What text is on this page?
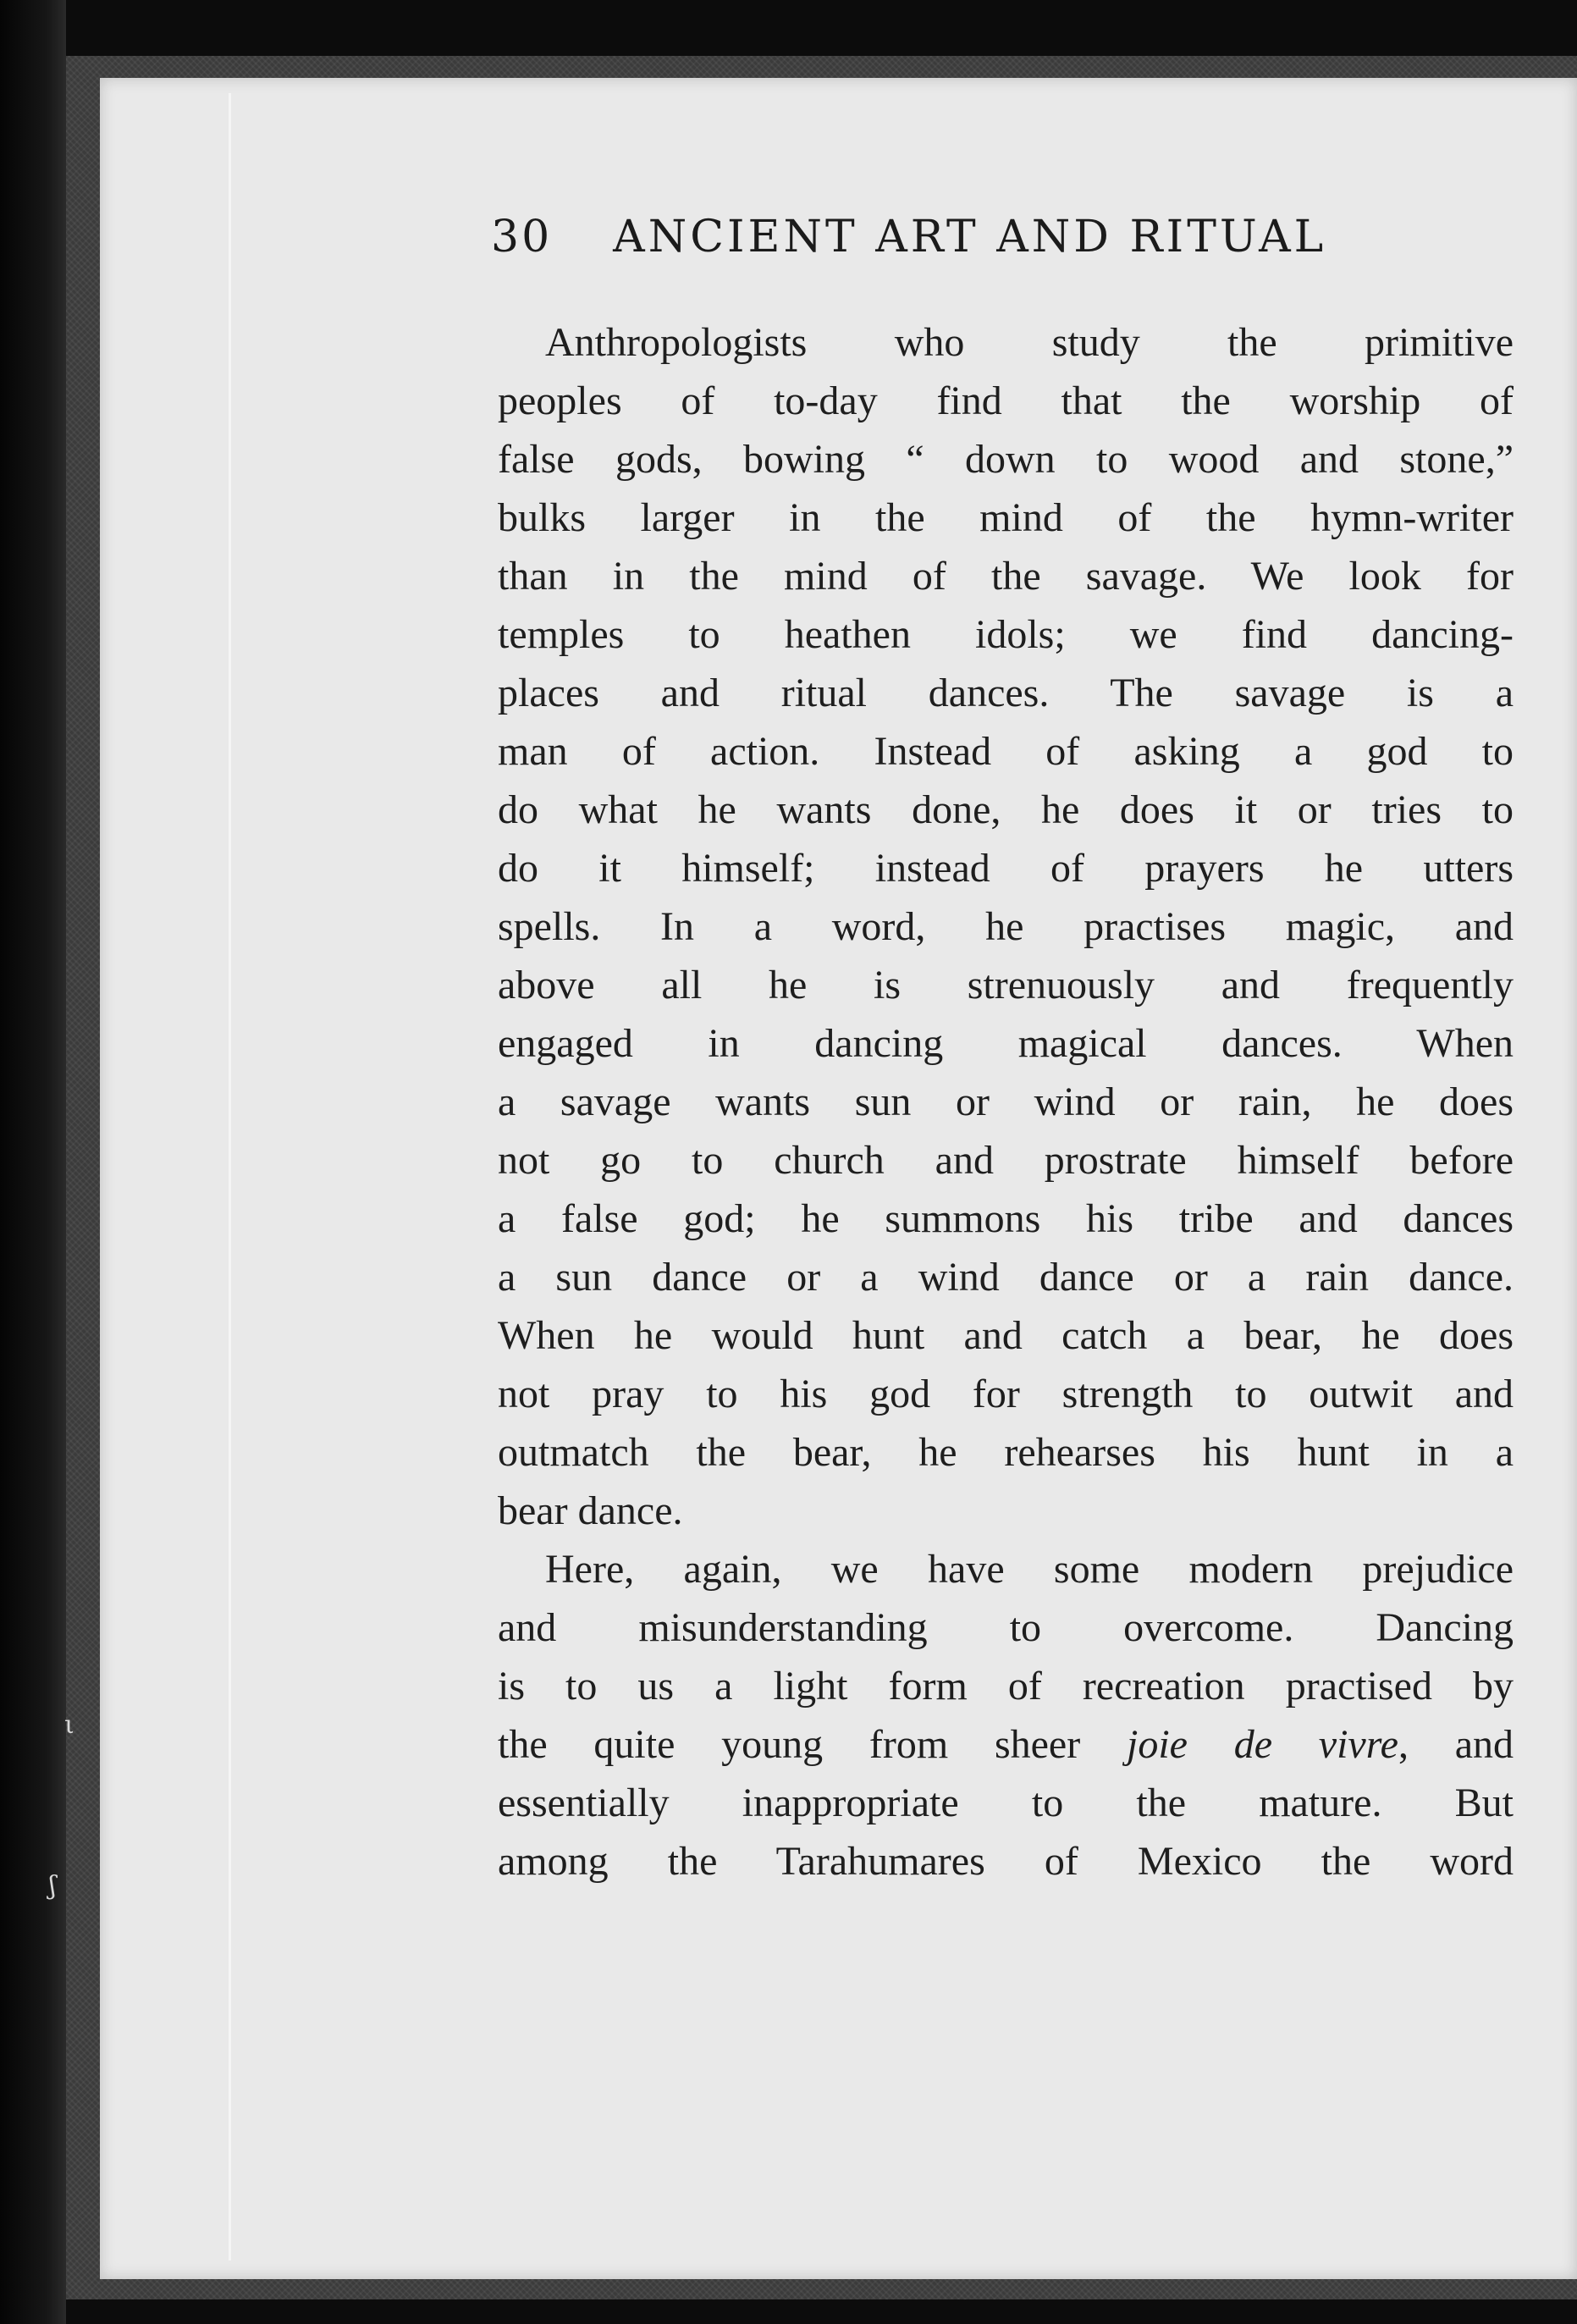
ι
ʃ
30 ANCIENT ART AND RITUAL

Anthropologists who study the primitive
peoples of to-day find that the worship of
false gods, bowing “ down to wood and stone,”
bulks larger in the mind of the hymn-writer
than in the mind of the savage. We look for
temples to heathen idols; we find dancing-
places and ritual dances. The savage is a
man of action. Instead of asking a god to
do what he wants done, he does it or tries to
do it himself; instead of prayers he utters
spells. In a word, he practises magic, and
above all he is strenuously and frequently
engaged in dancing magical dances. When
a savage wants sun or wind or rain, he does
not go to church and prostrate himself before
a false god; he summons his tribe and dances
a sun dance or a wind dance or a rain dance.
When he would hunt and catch a bear, he does
not pray to his god for strength to outwit and
outmatch the bear, he rehearses his hunt in a
bear dance.

Here, again, we have some modern prejudice
and misunderstanding to overcome. Dancing
is to us a light form of recreation practised by
the quite young from sheer joie de vivre, and
essentially inappropriate to the mature. But
among the Tarahumares of Mexico the word
